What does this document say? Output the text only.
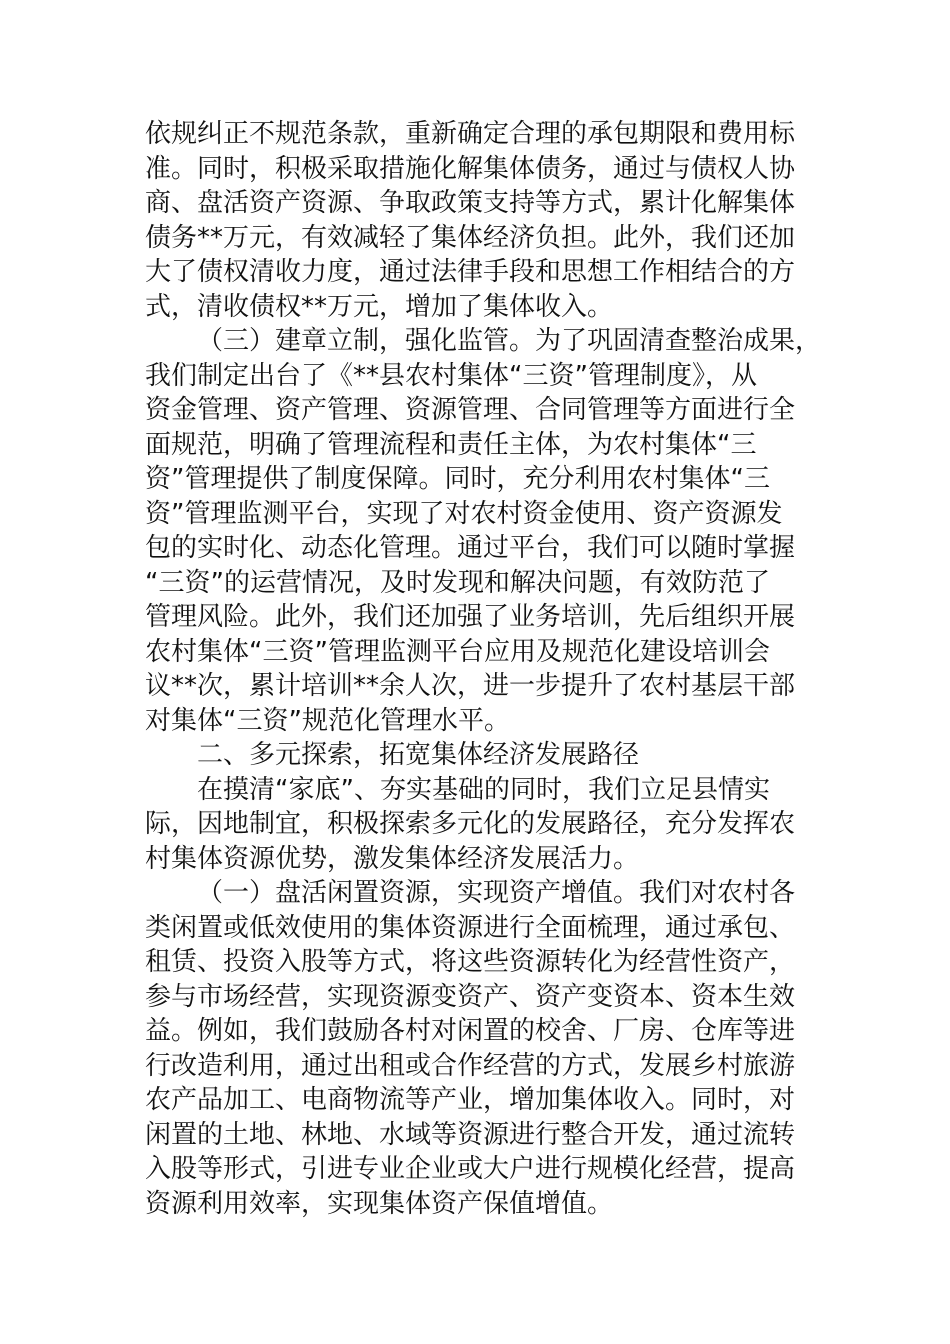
依规纠正不规范条款，重新确定合理的承包期限和费用标
准。同时，积极采取措施化解集体债务，通过与债权人协
商、盘活资产资源、争取政策支持等方式，累计化解集体
债务**万元，有效减轻了集体经济负担。此外，我们还加
大了债权清收力度，通过法律手段和思想工作相结合的方
式，清收债权**万元，增加了集体收入。
（三）建章立制，强化监管。为了巩固清查整治成果，
我们制定出台了《**县农村集体“三资”管理制度》，从
资金管理、资产管理、资源管理、合同管理等方面进行全
面规范，明确了管理流程和责任主体，为农村集体“三
资”管理提供了制度保障。同时，充分利用农村集体“三
资”管理监测平台，实现了对农村资金使用、资产资源发
包的实时化、动态化管理。通过平台，我们可以随时掌握
“三资”的运营情况，及时发现和解决问题，有效防范了
管理风险。此外，我们还加强了业务培训，先后组织开展
农村集体“三资”管理监测平台应用及规范化建设培训会
议**次，累计培训**余人次，进一步提升了农村基层干部
对集体“三资”规范化管理水平。
二、多元探索，拓宽集体经济发展路径
在摸清“家底”、夯实基础的同时，我们立足县情实
际，因地制宜，积极探索多元化的发展路径，充分发挥农
村集体资源优势，激发集体经济发展活力。
（一）盘活闲置资源，实现资产增值。我们对农村各
类闲置或低效使用的集体资源进行全面梳理，通过承包、
租赁、投资入股等方式，将这些资源转化为经营性资产，
参与市场经营，实现资源变资产、资产变资本、资本生效
益。例如，我们鼓励各村对闲置的校舍、厂房、仓库等进
行改造利用，通过出租或合作经营的方式，发展乡村旅游
农产品加工、电商物流等产业，增加集体收入。同时，对
闲置的土地、林地、水域等资源进行整合开发，通过流转
入股等形式，引进专业企业或大户进行规模化经营，提高
资源利用效率，实现集体资产保值增值。
